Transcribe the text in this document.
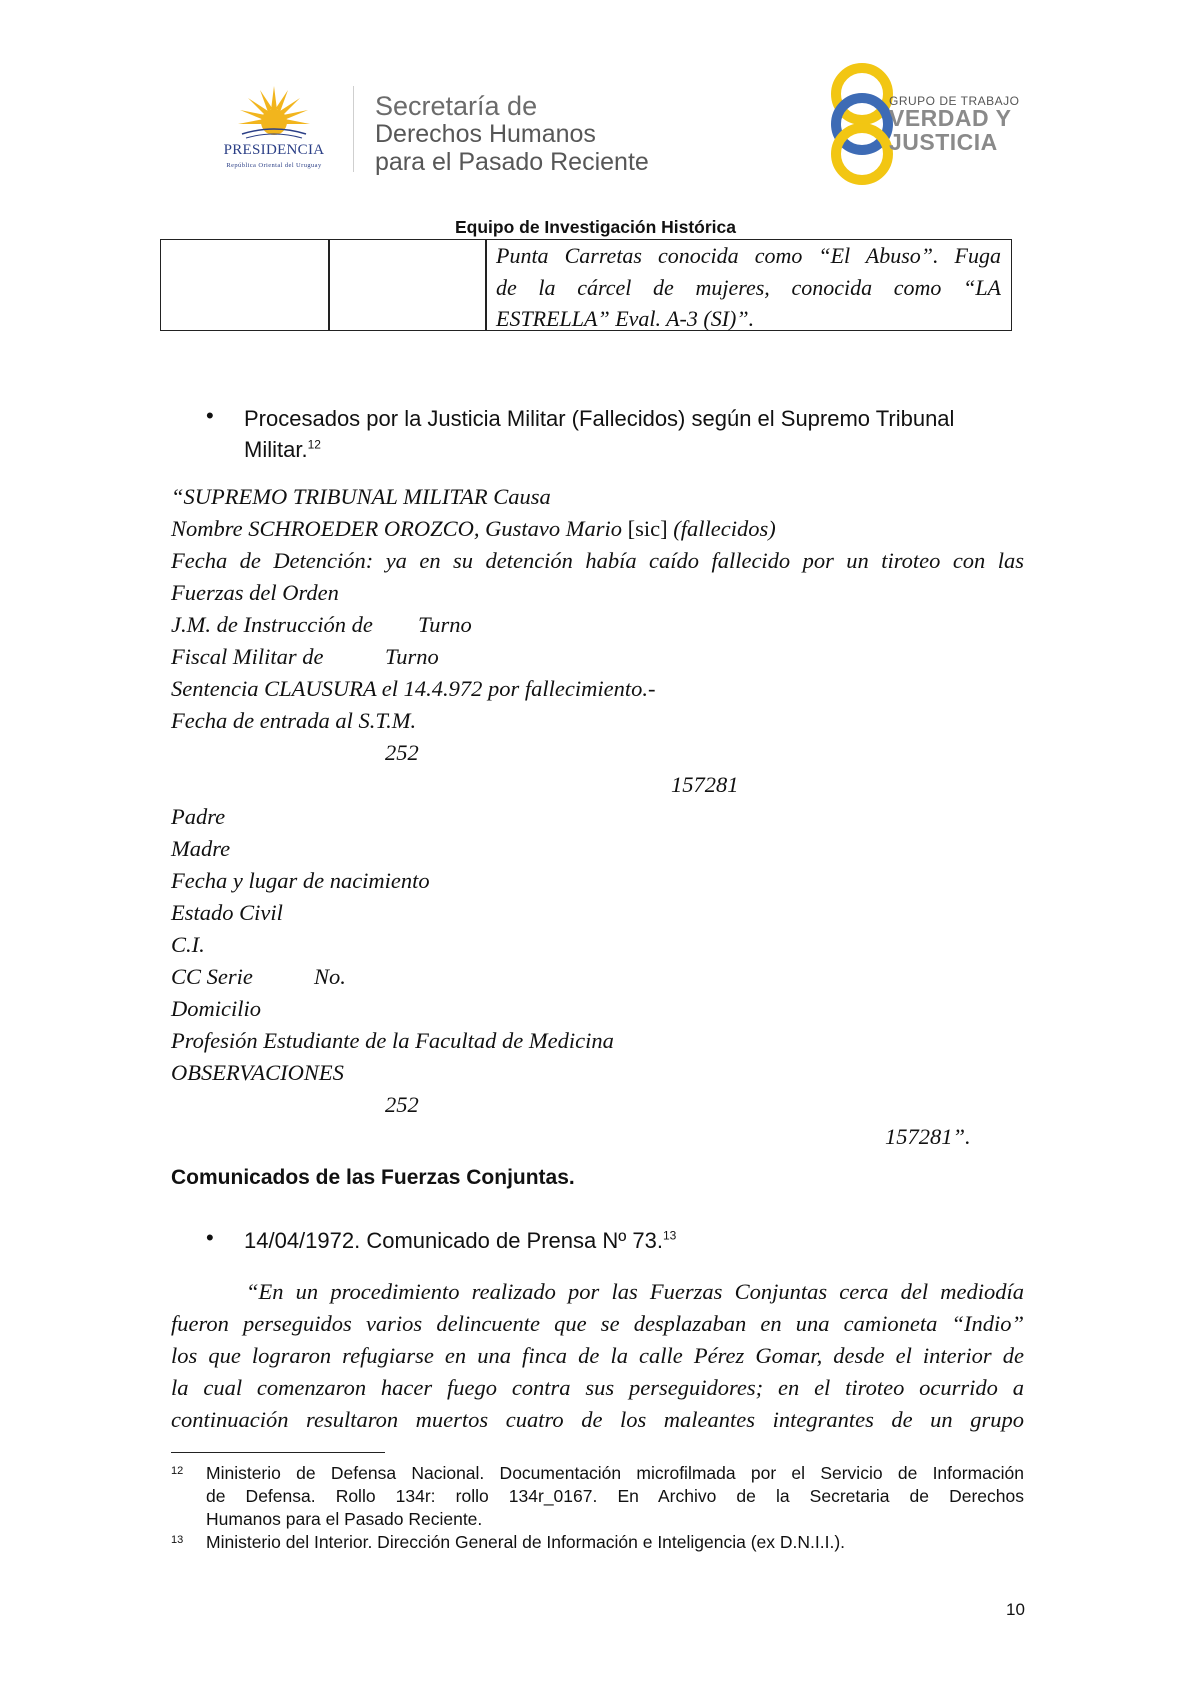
PRESIDENCIA
República Oriental del Uruguay
Secretaría de
Derechos Humanos
para el Pasado Reciente
GRUPO DE TRABAJO
VERDAD Y
JUSTICIA
Equipo de Investigación Histórica
Punta Carretas conocida como “El Abuso”. Fuga
de la cárcel de mujeres, conocida como “LA
ESTRELLA” Eval. A-3 (SI)”.
• Procesados por la Justicia Militar (Fallecidos) según el Supremo Tribunal
Militar.$^{12}$
“SUPREMO TRIBUNAL MILITAR Causa
Nombre SCHROEDER OROZCO, Gustavo Mario [sic] (fallecidos)
Fecha de Detención: ya en su detención había caído fallecido por un tiroteo con las
Fuerzas del Orden
J.M. de Instrucción de Turno
Fiscal Militar de	Turno
Sentencia CLAUSURA el 14.4.972 por fallecimiento.-
Fecha de entrada al S.T.M.
252
157281
Padre
Madre
Fecha y lugar de nacimiento
Estado Civil
C.I.
CC Serie	No.
Domicilio
Profesión Estudiante de la Facultad de Medicina
OBSERVACIONES
252
157281”.
Comunicados de las Fuerzas Conjuntas.
• 14/04/1972. Comunicado de Prensa Nº 73.13
“En un procedimiento realizado por las Fuerzas Conjuntas cerca del mediodía
fueron perseguidos varios delincuente que se desplazaban en una camioneta “Indio”
los que lograron refugiarse en una finca de la calle Pérez Gomar, desde el interior de
la cual comenzaron hacer fuego contra sus perseguidores; en el tiroteo ocurrido a
continuación resultaron muertos cuatro de los maleantes integrantes de un grupo
12 Ministerio de Defensa Nacional. Documentación microfilmada por el Servicio de Información
de Defensa. Rollo 134r: rollo 134r_0167. En Archivo de la Secretaria de Derechos
Humanos para el Pasado Reciente.
13 Ministerio del Interior. Dirección General de Información e Inteligencia (ex D.N.I.I.).
10
